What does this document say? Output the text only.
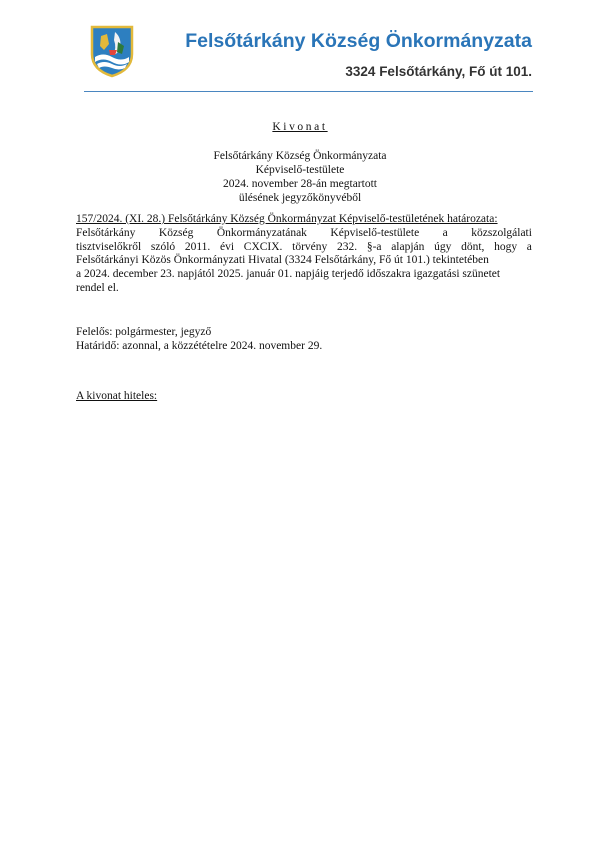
Felsőtárkány Község Önkormányzata
3324 Felsőtárkány, Fő út 101.
Kivonat
Felsőtárkány Község Önkormányzata
Képviselő-testülete
2024. november 28-án megtartott
ülésének jegyzőkönyvéből
157/2024. (XI. 28.) Felsőtárkány Község Önkormányzat Képviselő-testületének határozata:
Felsőtárkány Község Önkormányzatának Képviselő-testülete a közszolgálati
tisztviselőkről szóló 2011. évi CXCIX. törvény 232. §-a alapján úgy dönt, hogy a
Felsőtárkányi Közös Önkormányzati Hivatal (3324 Felsőtárkány, Fő út 101.) tekintetében
a 2024. december 23. napjától 2025. január 01. napjáig terjedő időszakra igazgatási szünetet
rendel el.
Felelős: polgármester, jegyző
Határidő: azonnal, a közzétételre 2024. november 29.
A kivonat hiteles:
